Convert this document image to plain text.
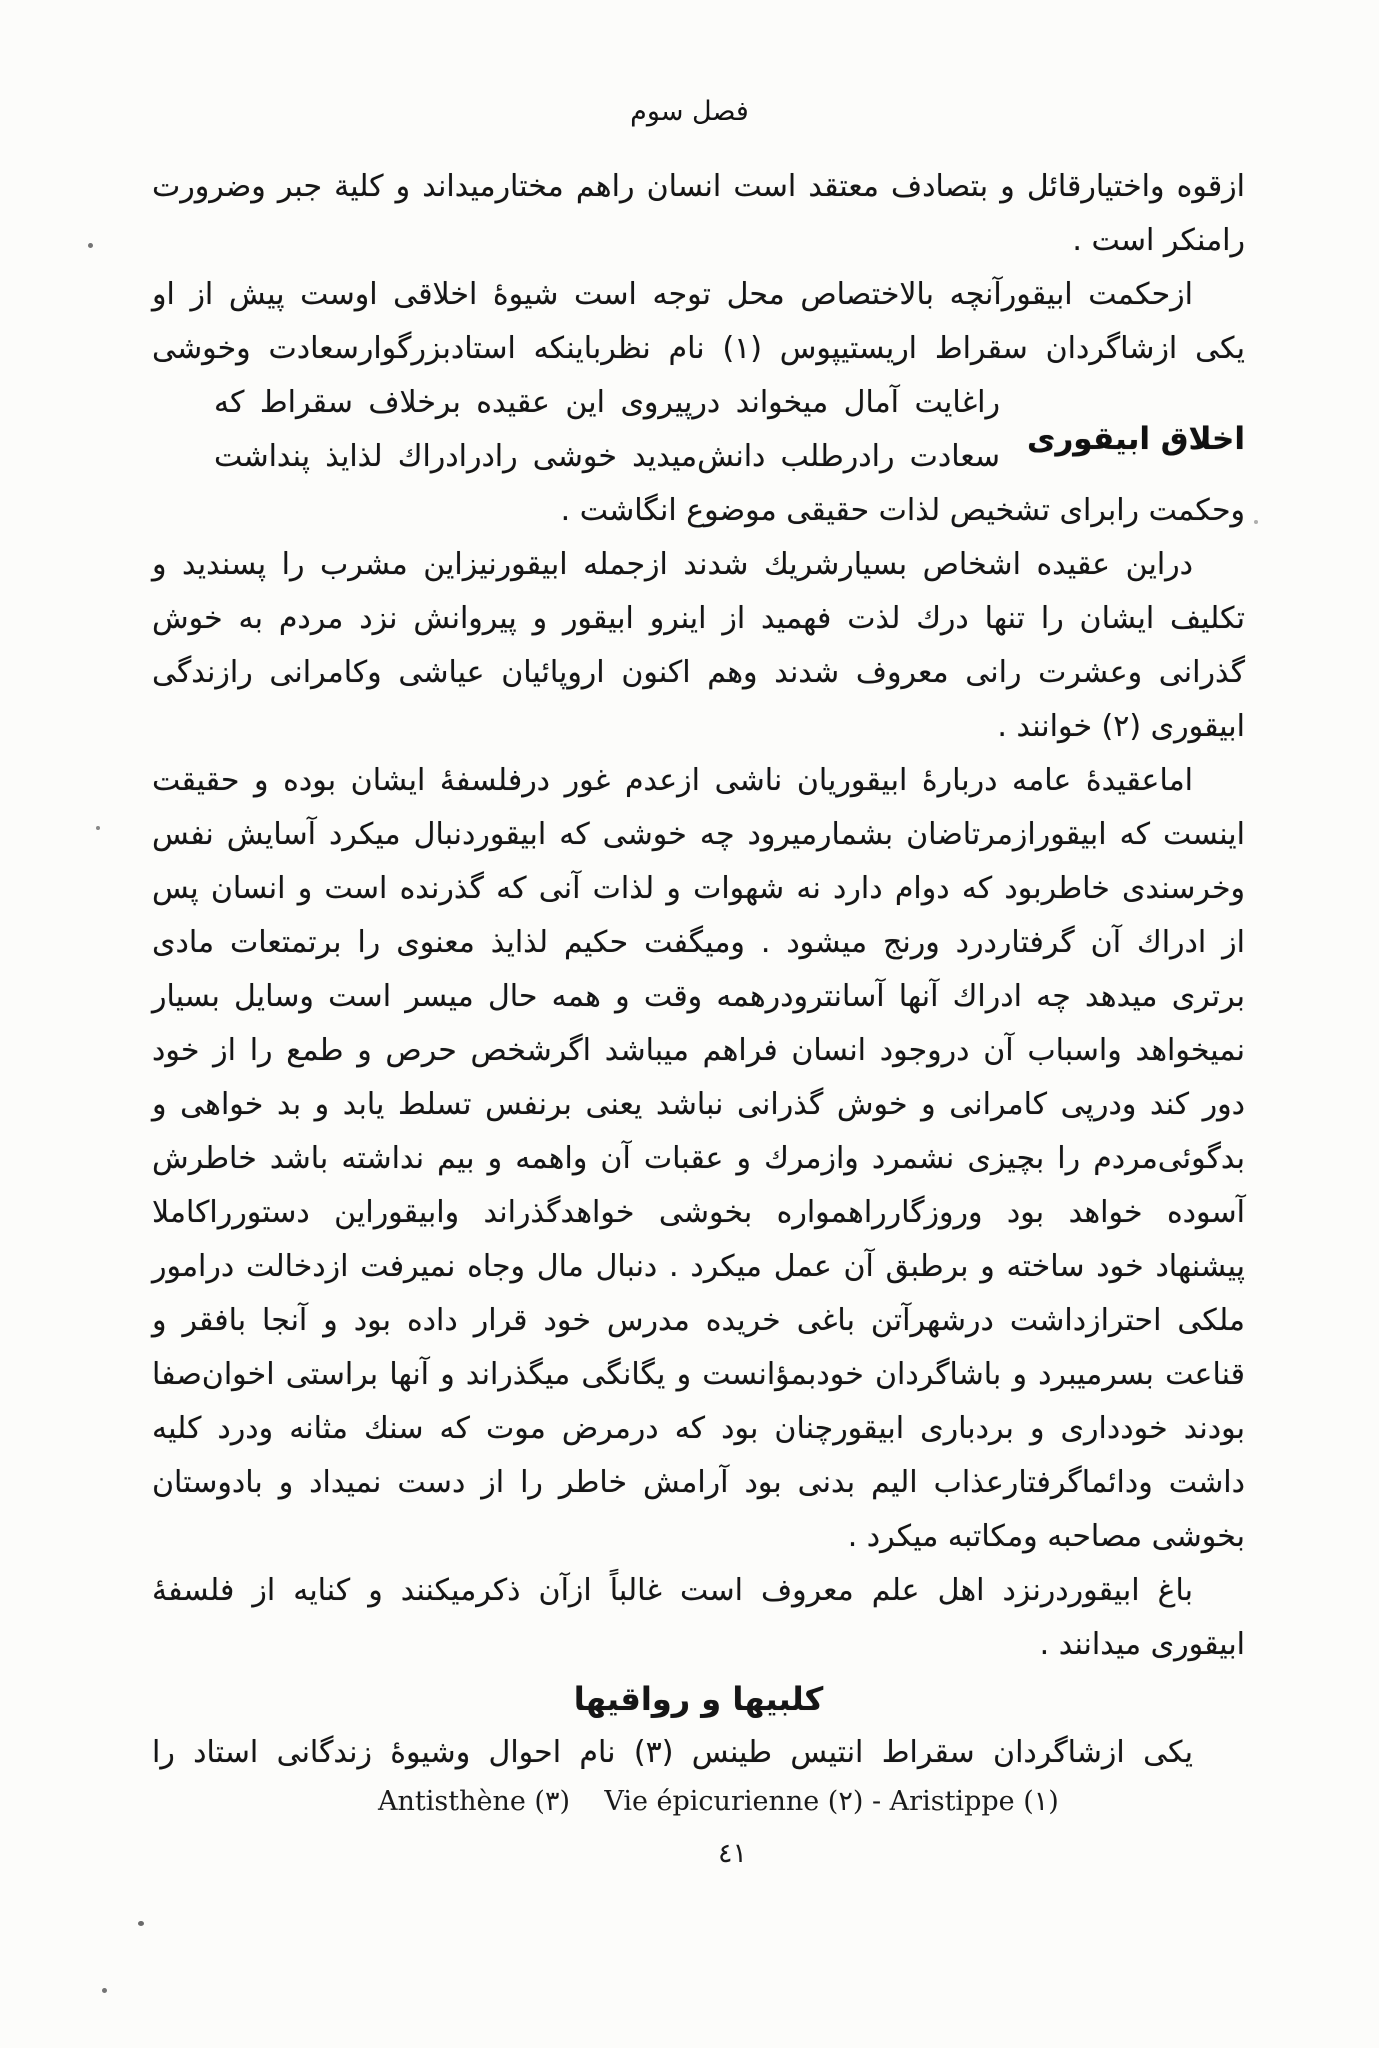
فصل سوم
ازقوه واختیارقائل و بتصادف معتقد است انسان راهم مختارمیداند و کلیة جبر وضرورت
رامنکر است .
ازحکمت ابیقورآنچه بالاختصاص محل توجه است شیوهٔ اخلاقی اوست پیش از او
یکی ازشاگردان سقراط اریستیپوس (۱) نام نظرباینکه استادبزرگوارسعادت وخوشی
راغایت آمال میخواند درپیروی این عقیده برخلاف سقراط که
سعادت رادرطلب دانش‌میدید خوشی رادرادراك لذایذ پنداشت
وحکمت رابرای تشخیص لذات حقیقی موضوع انگاشت .
دراین عقیده اشخاص بسیارشریك شدند ازجمله ابیقورنیزاین مشرب را پسندید و
تکلیف ایشان را تنها درك لذت فهمید از اینرو ابیقور و پیروانش نزد مردم به خوش
گذرانی وعشرت رانی معروف شدند وهم اکنون اروپائیان عیاشی وکامرانی رازندگی
ابیقوری (۲) خوانند .
اماعقیدهٔ عامه دربارهٔ ابیقوریان ناشی ازعدم غور درفلسفهٔ ایشان بوده و حقیقت
اینست که ابیقورازمرتاضان بشمارمیرود چه خوشی که ابیقوردنبال میکرد آسایش نفس
وخرسندی خاطربود که دوام دارد نه شهوات و لذات آنی که گذرنده است و انسان پس
از ادراك آن گرفتاردرد ورنج میشود . ومیگفت حکیم لذایذ معنوی را برتمتعات مادی
برتری میدهد چه ادراك آنها آسانترودرهمه وقت و همه حال میسر است وسایل بسیار
نمیخواهد واسباب آن دروجود انسان فراهم میباشد اگرشخص حرص و طمع را از خود
دور کند ودرپی کامرانی و خوش گذرانی نباشد یعنی برنفس تسلط یابد و بد خواهی و
بدگوئی‌مردم را بچیزی نشمرد وازمرك و عقبات آن واهمه و بیم نداشته باشد خاطرش
آسوده خواهد بود وروزگارراهمواره بخوشی خواهدگذراند وابیقوراین دستورراکاملا
پیشنهاد خود ساخته و برطبق آن عمل میکرد . دنبال مال وجاه نمیرفت ازدخالت درامور
ملکی احترازداشت درشهرآتن باغی خریده مدرس خود قرار داده بود و آنجا بافقر و
قناعت بسرمیبرد و باشاگردان خودبمؤانست و یگانگی میگذراند و آنها براستی اخوان‌صفا
بودند خودداری و بردباری ابیقورچنان بود که درمرض موت که سنك مثانه ودرد کلیه
داشت ودائماگرفتارعذاب الیم بدنی بود آرامش خاطر را از دست نمیداد و بادوستان
بخوشی مصاحبه ومکاتبه میکرد .
باغ ابیقوردرنزد اهل علم معروف است غالباً ازآن ذکرمیکنند و کنایه از فلسفهٔ
ابیقوری میدانند .
کلبیها و رواقیها
یکی ازشاگردان سقراط انتیس طینس (۳) نام احوال وشیوهٔ زندگانی استاد را
اخلاق ابیقوری
Antisthène (٣)    Vie épicurienne (٢) - Aristippe (١)
٤١
